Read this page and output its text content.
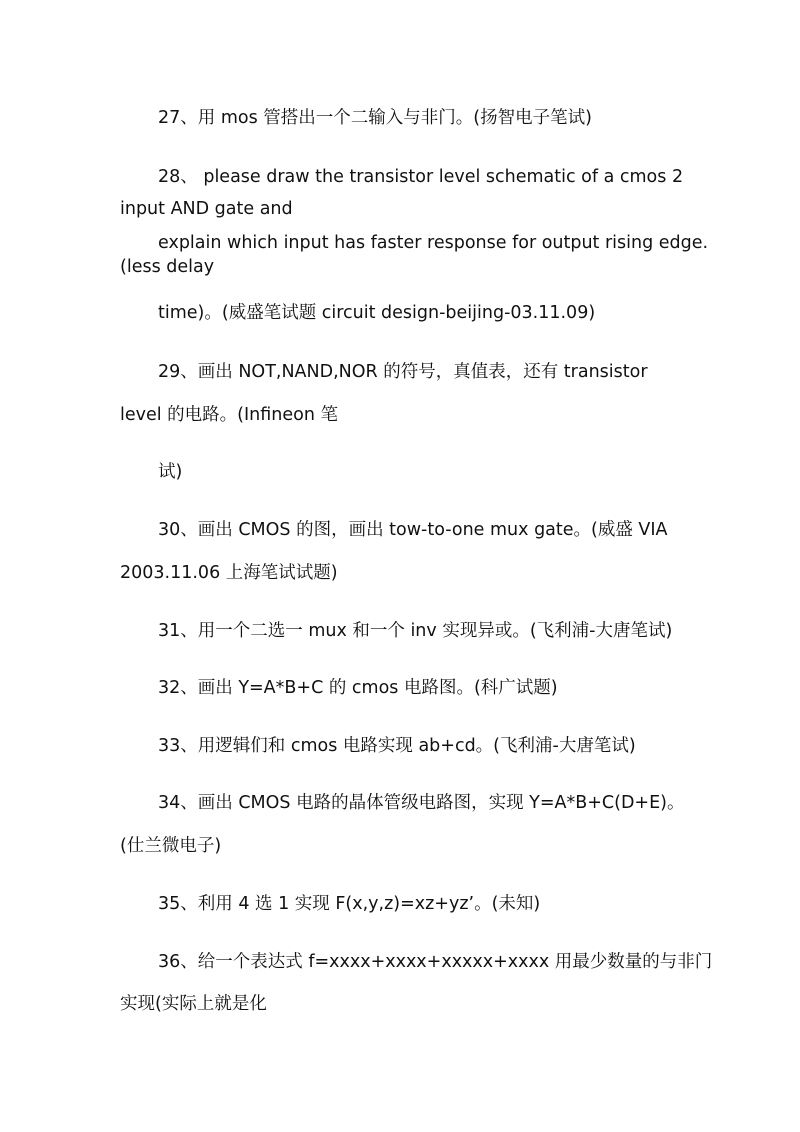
27、用 mos 管搭出一个二输入与非门。(扬智电子笔试)
28、 please draw the transistor level schematic of a cmos 2
input AND gate and
explain which input has faster response for output rising edge.
(less delay
time)。(威盛笔试题 circuit design-beijing-03.11.09)
29、画出 NOT,NAND,NOR 的符号，真值表，还有 transistor
level 的电路。(Infineon 笔
试)
30、画出 CMOS 的图，画出 tow-to-one mux gate。(威盛 VIA
2003.11.06 上海笔试试题)
31、用一个二选一 mux 和一个 inv 实现异或。(飞利浦-大唐笔试)
32、画出 Y=A*B+C 的 cmos 电路图。(科广试题)
33、用逻辑们和 cmos 电路实现 ab+cd。(飞利浦-大唐笔试)
34、画出 CMOS 电路的晶体管级电路图，实现 Y=A*B+C(D+E)。
(仕兰微电子)
35、利用 4 选 1 实现 F(x,y,z)=xz+yz’。(未知)
36、给一个表达式 f=xxxx+xxxx+xxxxx+xxxx 用最少数量的与非门
实现(实际上就是化
